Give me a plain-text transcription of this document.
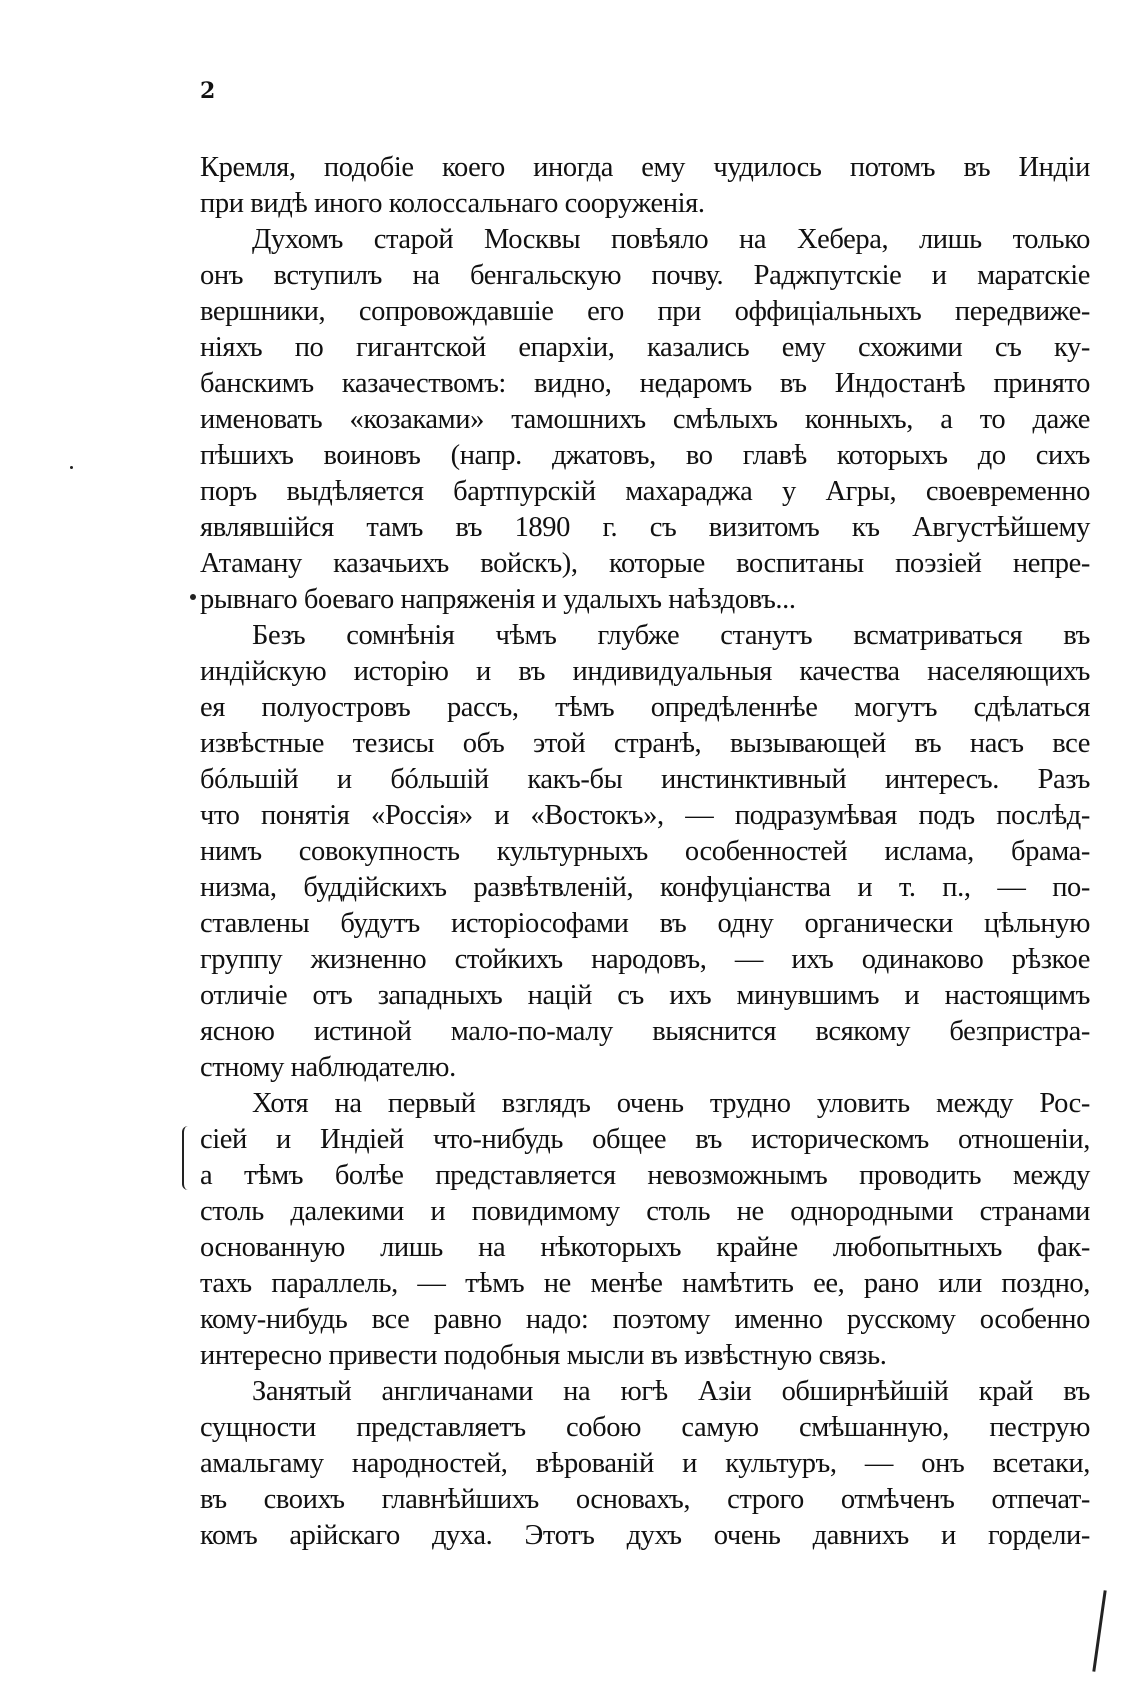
2
Кремля, подобіе коего иногда ему чудилось потомъ въ Индіи
при видѣ иного колоссальнаго сооруженія.
Духомъ старой Москвы повѣяло на Хебера, лишь только
онъ вступилъ на бенгальскую почву. Раджпутскіе и маратскіе
вершники, сопровождавшіе его при оффиціальныхъ передвиже-
ніяхъ по гигантской епархіи, казались ему схожими съ ку-
банскимъ казачествомъ: видно, недаромъ въ Индостанѣ принято
именовать «козаками» тамошнихъ смѣлыхъ конныхъ, а то даже
пѣшихъ воиновъ (напр. джатовъ, во главѣ которыхъ до сихъ
поръ выдѣляется бартпурскій махараджа у Агры, своевременно
являвшійся тамъ въ 1890 г. съ визитомъ къ Августѣйшему
Атаману казачьихъ войскъ), которые воспитаны поэзіей непре-
рывнаго боеваго напряженія и удалыхъ наѣздовъ...
Безъ сомнѣнія чѣмъ глубже станутъ всматриваться въ
индійскую исторію и въ индивидуальныя качества населяющихъ
ея полуостровъ рассъ, тѣмъ опредѣленнѣе могутъ сдѣлаться
извѣстные тезисы объ этой странѣ, вызывающей въ насъ все
бóльшій и бóльшій какъ-бы инстинктивный интересъ. Разъ
что понятія «Россія» и «Востокъ», — подразумѣвая подъ послѣд-
нимъ совокупность культурныхъ особенностей ислама, брама-
низма, буддійскихъ развѣтвленій, конфуціанства и т. п., — по-
ставлены будутъ исторіософами въ одну органически цѣльную
группу жизненно стойкихъ народовъ, — ихъ одинаково рѣзкое
отличіе отъ западныхъ націй съ ихъ минувшимъ и настоящимъ
ясною истиной мало-по-малу выяснится всякому безпристра-
стному наблюдателю.
Хотя на первый взглядъ очень трудно уловить между Рос-
сіей и Индіей что-нибудь общее въ историческомъ отношеніи,
а тѣмъ болѣе представляется невозможнымъ проводить между
столь далекими и повидимому столь не однородными странами
основанную лишь на нѣкоторыхъ крайне любопытныхъ фак-
тахъ параллель, — тѣмъ не менѣе намѣтить ее, рано или поздно,
кому-нибудь все равно надо: поэтому именно русскому особенно
интересно привести подобныя мысли въ извѣстную связь.
Занятый англичанами на югѣ Азіи обширнѣйшій край въ
сущности представляетъ собою самую смѣшанную, пеструю
амальгаму народностей, вѣрованій и культуръ, — онъ всетаки,
въ своихъ главнѣйшихъ основахъ, строго отмѣченъ отпечат-
комъ арійскаго духа. Этотъ духъ очень давнихъ и гордели-
